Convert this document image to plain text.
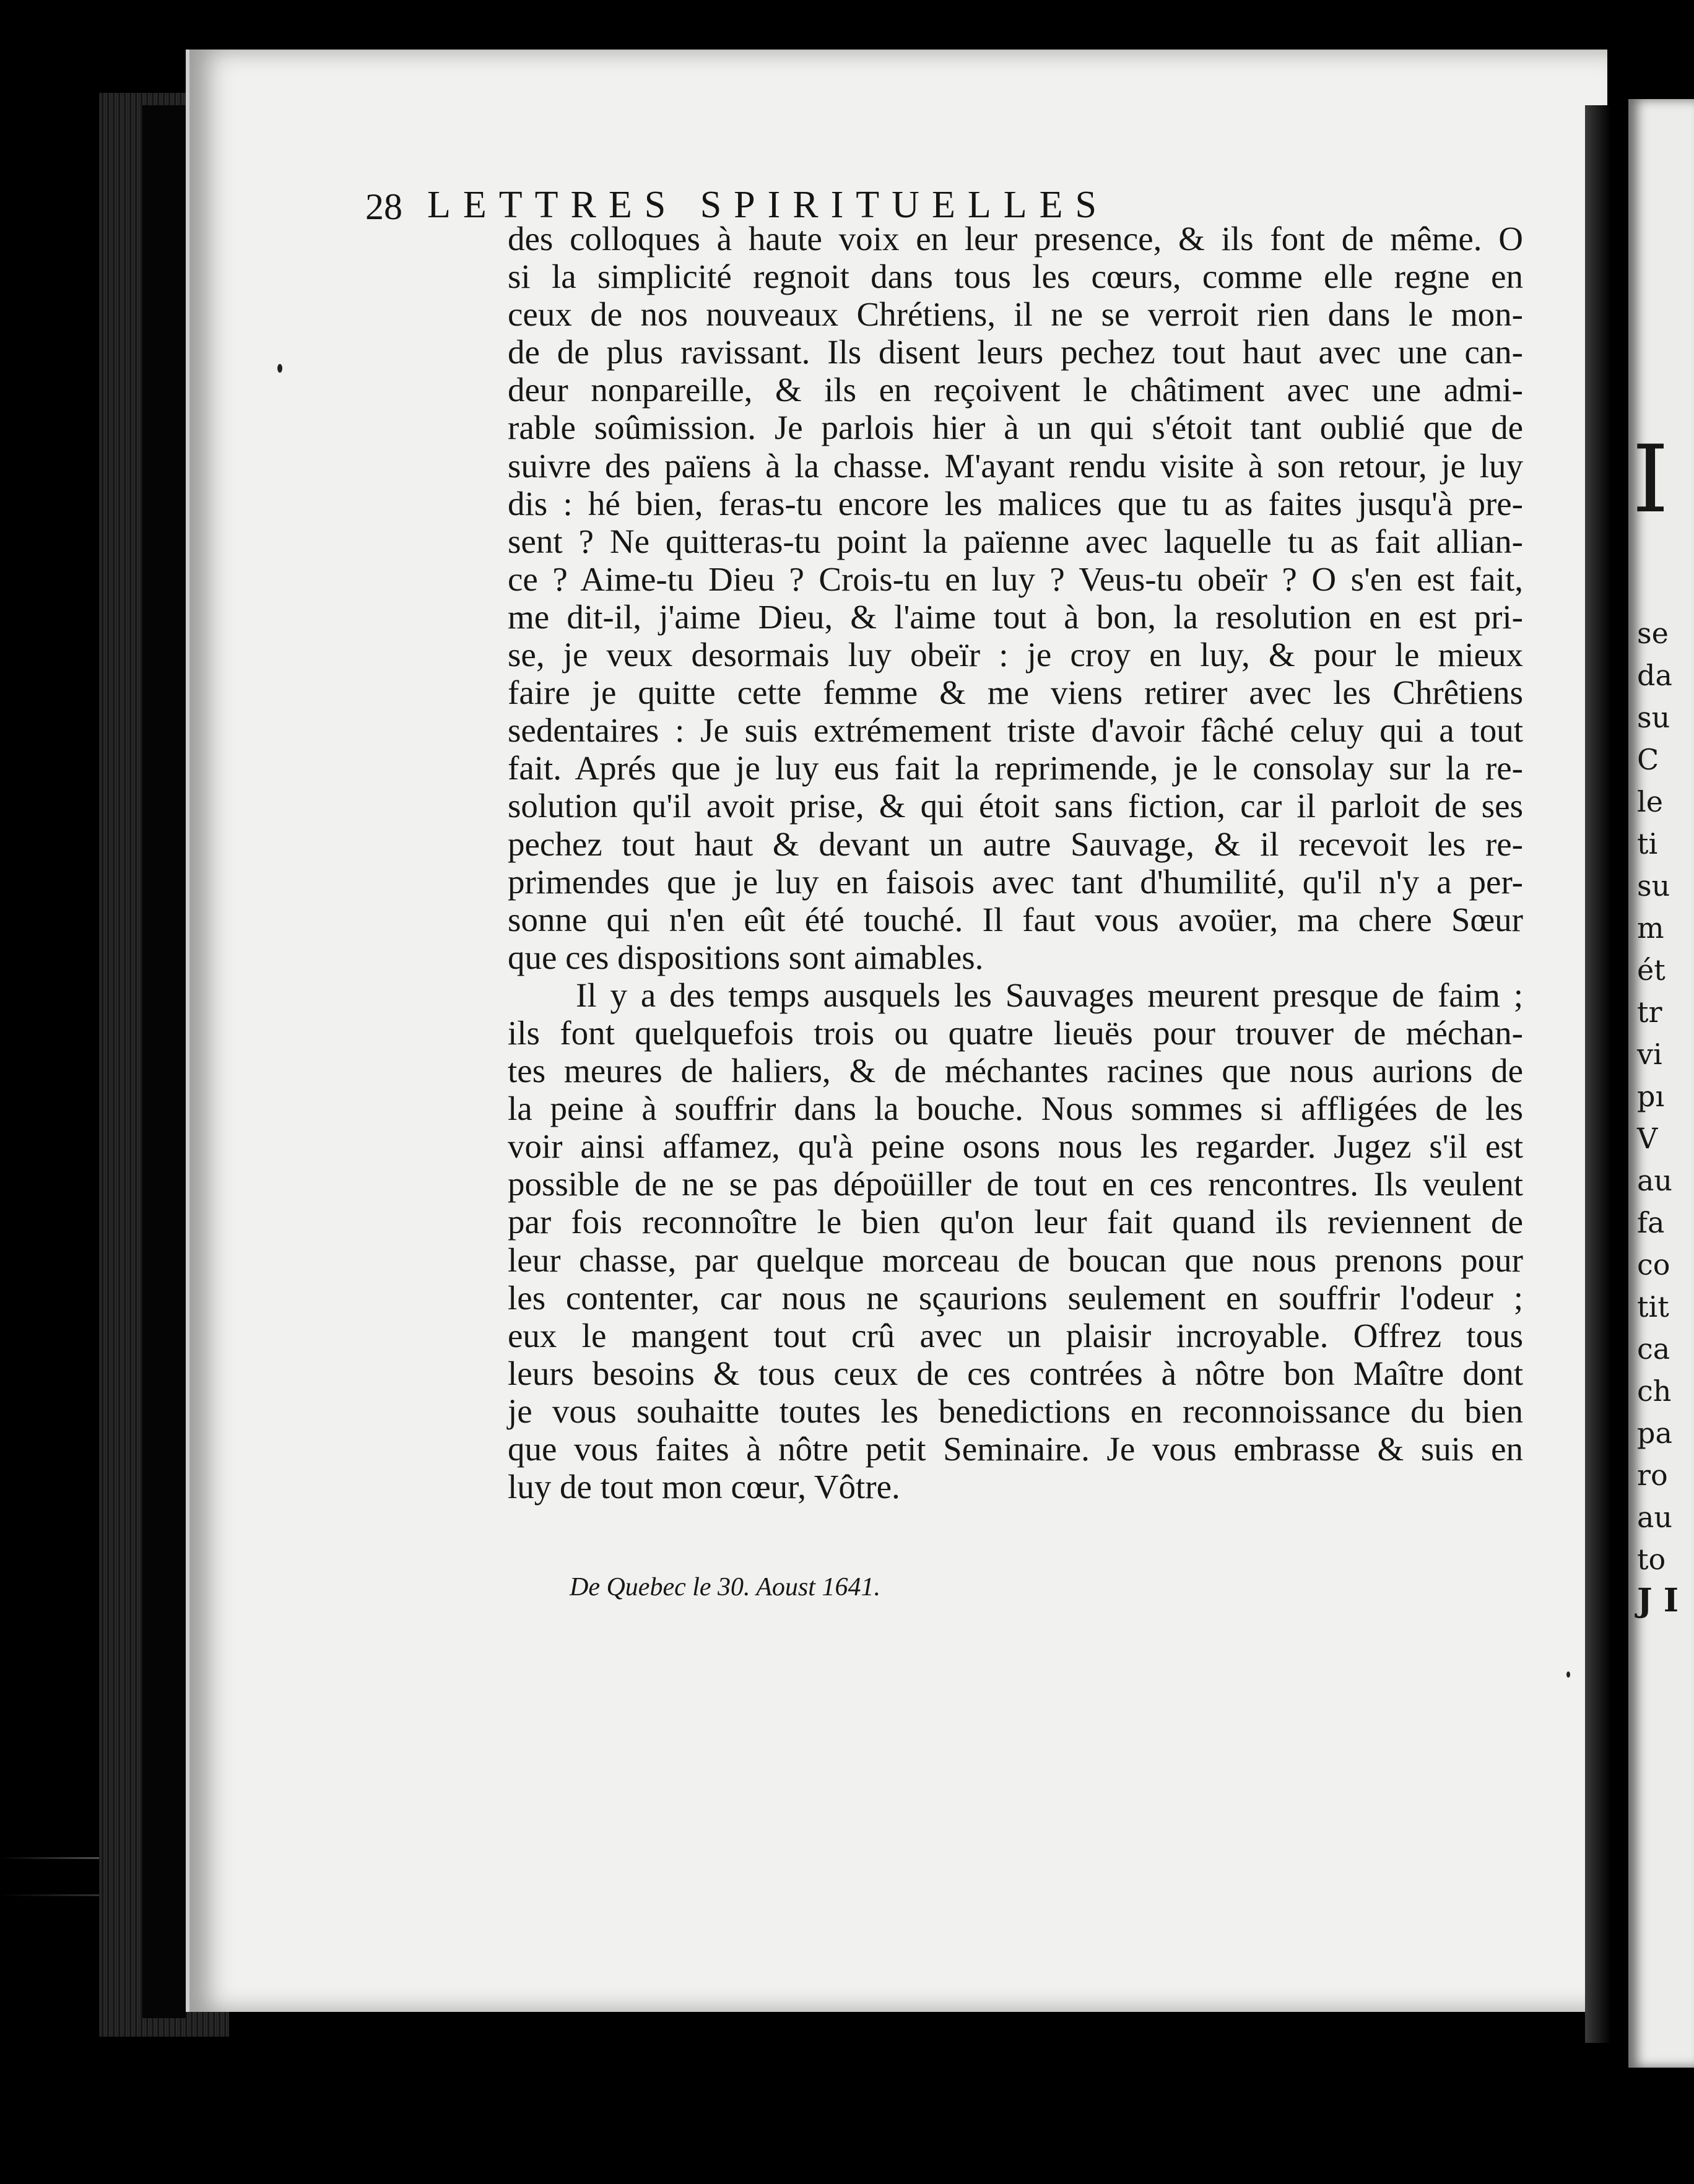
28 LETTRES SPIRITUELLES
des colloques à haute voix en leur presence, & ils font de même. O
si la simplicité regnoit dans tous les cœurs, comme elle regne en
ceux de nos nouveaux Chrétiens, il ne se verroit rien dans le mon-
de de plus ravissant. Ils disent leurs pechez tout haut avec une can-
deur nonpareille, & ils en reçoivent le châtiment avec une admi-
rable soûmission. Je parlois hier à un qui s'étoit tant oublié que de
suivre des païens à la chasse. M'ayant rendu visite à son retour, je luy
dis : hé bien, feras-tu encore les malices que tu as faites jusqu'à pre-
sent ? Ne quitteras-tu point la païenne avec laquelle tu as fait allian-
ce ? Aime-tu Dieu ? Crois-tu en luy ? Veus-tu obeïr ? O s'en est fait,
me dit-il, j'aime Dieu, & l'aime tout à bon, la resolution en est pri-
se, je veux desormais luy obeïr : je croy en luy, & pour le mieux
faire je quitte cette femme & me viens retirer avec les Chrêtiens
sedentaires : Je suis extrémement triste d'avoir fâché celuy qui a tout
fait. Aprés que je luy eus fait la reprimende, je le consolay sur la re-
solution qu'il avoit prise, & qui étoit sans fiction, car il parloit de ses
pechez tout haut & devant un autre Sauvage, & il recevoit les re-
primendes que je luy en faisois avec tant d'humilité, qu'il n'y a per-
sonne qui n'en eût été touché. Il faut vous avoüer, ma chere Sœur
que ces dispositions sont aimables.
Il y a des temps ausquels les Sauvages meurent presque de faim ;
ils font quelquefois trois ou quatre lieuës pour trouver de méchan-
tes meures de haliers, & de méchantes racines que nous aurions de
la peine à souffrir dans la bouche. Nous sommes si affligées de les
voir ainsi affamez, qu'à peine osons nous les regarder. Jugez s'il est
possible de ne se pas dépoüiller de tout en ces rencontres. Ils veulent
par fois reconnoître le bien qu'on leur fait quand ils reviennent de
leur chasse, par quelque morceau de boucan que nous prenons pour
les contenter, car nous ne sçaurions seulement en souffrir l'odeur ;
eux le mangent tout crû avec un plaisir incroyable. Offrez tous
leurs besoins & tous ceux de ces contrées à nôtre bon Maître dont
je vous souhaitte toutes les benedictions en reconnoissance du bien
que vous faites à nôtre petit Seminaire. Je vous embrasse & suis en
luy de tout mon cœur, Vôtre.
De Quebec le 30. Aoust 1641.
I
se
da
su
C
le
ti
su
m
ét
tr
vi
pı
V
au
fa
co
tit
ca
ch
pa
ro
au
to
J I
